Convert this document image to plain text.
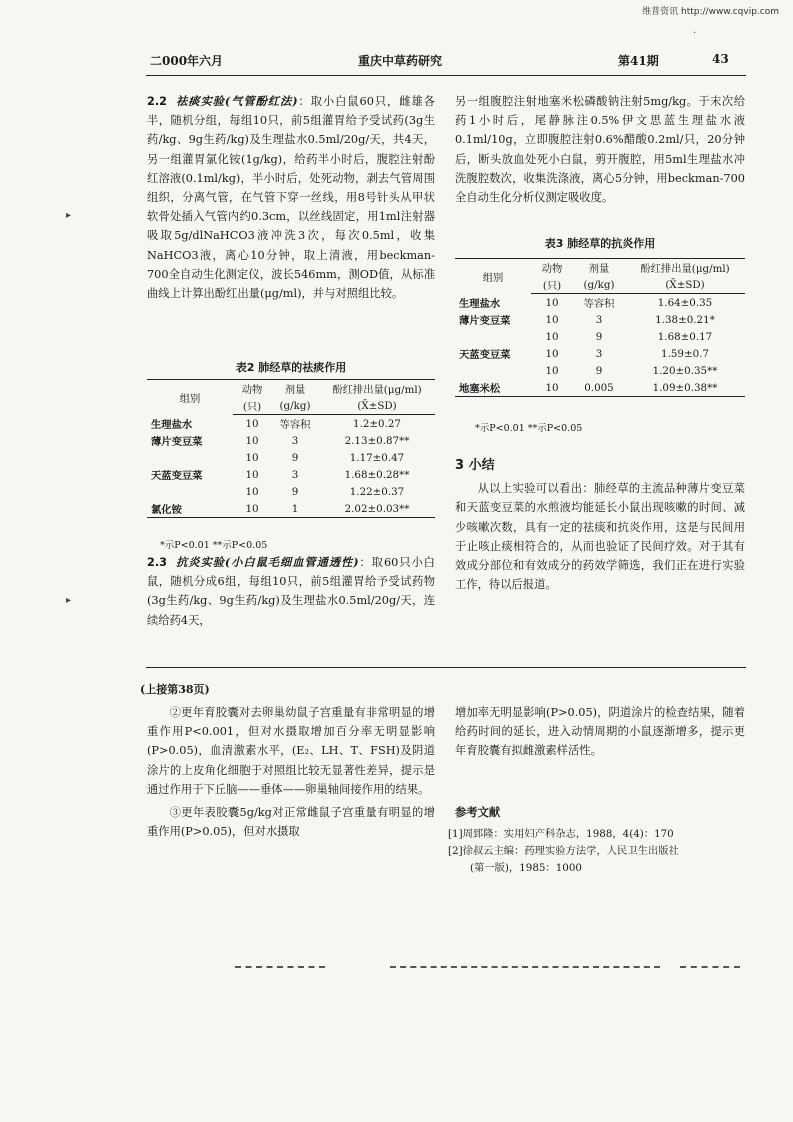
维普资讯 http://www.cqvip.com
·
▸
▸
二000年六月	重庆中草药研究	第41期	43

2.2 祛痰实验(气管酚红法)：取小白鼠60只，雌雄各半，随机分组，每组10只，前5组灌胃给予受试药(3g生药/kg、9g生药/kg)及生理盐水0.5ml/20g/天，共4天，另一组灌胃氯化铵(1g/kg)，给药半小时后，腹腔注射酚红溶液(0.1ml/kg)，半小时后，处死动物，剥去气管周围组织，分离气管，在气管下穿一丝线，用8号针头从甲状软骨处插入气管内约0.3cm，以丝线固定，用1ml注射器吸取5g/dlNaHCO3液冲洗3次，每次0.5ml，收集NaHCO3液，离心10分钟，取上清液，用beckman-700全自动生化测定仪，波长546mm，测OD值，从标准曲线上计算出酚红出量(μg/ml)，并与对照组比较。

表2 肺经草的祛痰作用
组别	动物	剂量	酚红排出量(μg/ml)
	(只)	(g/kg)	(X̄±SD)
生理盐水	10	等容积	1.2±0.27
薄片变豆菜	10	3	2.13±0.87**
	10	9	1.17±0.47
天蓝变豆菜	10	3	1.68±0.28**
	10	9	1.22±0.37
氯化铵	10	1	2.02±0.03**
*示P<0.01 **示P<0.05

2.3 抗炎实验(小白鼠毛细血管通透性)：取60只小白鼠，随机分成6组，每组10只，前5组灌胃给予受试药物(3g生药/kg、9g生药/kg)及生理盐水0.5ml/20g/天，连续给药4天，

另一组腹腔注射地塞米松磷酸钠注射5mg/kg。于末次给药1小时后，尾静脉注0.5%伊文思蓝生理盐水液0.1ml/10g，立即腹腔注射0.6%醋酸0.2ml/只，20分钟后，断头放血处死小白鼠，剪开腹腔，用5ml生理盐水冲洗腹腔数次，收集洗涤液，离心5分钟，用beckman-700全自动生化分析仪测定吸收度。

表3 肺经草的抗炎作用
组别	动物	剂量	酚红排出量(μg/ml)
	(只)	(g/kg)	(X̄±SD)
生理盐水	10	等容积	1.64±0.35
薄片变豆菜	10	3	1.38±0.21*
	10	9	1.68±0.17
天蓝变豆菜	10	3	1.59±0.7
	10	9	1.20±0.35**
地塞米松	10	0.005	1.09±0.38**
*示P<0.01 **示P<0.05

3 小结

从以上实验可以看出：肺经草的主流品种薄片变豆菜和天蓝变豆菜的水煎液均能延长小鼠出现咳嗽的时间、减少咳嗽次数，具有一定的祛痰和抗炎作用，这是与民间用于止咳止痰相符合的，从而也验证了民间疗效。对于其有效成分部位和有效成分的药效学筛选，我们正在进行实验工作，待以后报道。

(上接第38页)

②更年育胶囊对去卵巢幼鼠子宫重量有非常明显的增重作用P<0.001，但对水摄取增加百分率无明显影响(P>0.05)，血清激素水平，(E₂、LH、T、FSH)及阴道涂片的上皮角化细胞于对照组比较无显著性差异，提示是通过作用于下丘脑——垂体——卵巢轴间接作用的结果。

③更年表胶囊5g/kg对正常雌鼠子宫重量有明显的增重作用(P>0.05)，但对水摄取

增加率无明显影响(P>0.05)，阴道涂片的检查结果，随着给药时间的延长，进入动情周期的小鼠逐渐增多，提示更年育胶囊有拟雌激素样活性。

参考文献
[1]周郅隆：实用妇产科杂志，1988，4(4)：170
[2]徐叔云主编：药理实验方法学，人民卫生出版社
(第一版)，1985：1000
